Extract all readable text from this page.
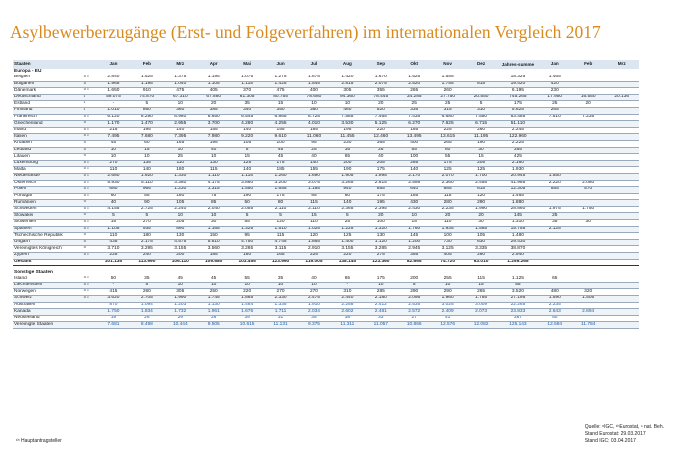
Asylbewerberzugänge (Erst- und Folgeverfahren) im internationalen Vergleich 2017
Staaten		Jan	Feb	Mrz	Apr	Mai	Jun	Jul	Aug	Sep	Okt	Nov	Dez	Jahres-summe	Jan	Feb	Mrz
Europa - EU																	
Belgien	¹ʰ ⁸	2.840	1.525	1.375	1.195	1.075	1.275	1.675	1.420	1.670	1.525	1.555		18.325	1.465		
Bulgarien	¹ʰ	1.965	1.195	1.040	1.105	1.115	1.425	1.545	2.815	2.075	2.520	1.755	815	19.420	420		
Dänemark	¹ʰ ⁸	1.650	910	475	405	370	475	400	305	355	265	260		6.195	230		
Deutschland	⁸	59.075	74.870	67.310	67.880	61.305	80.755	78.680	94.360	78.445	34.285	27.750	20.550	745.265	17.950	16.550	20.136
Estland	⁸	-	5	10	20	35	15	10	10	20	25	25	5	175	25	20	
Finnland	⁸	1.010	860	360	385	340	350	360	460	520	335	315	310	5.625	265		
Frankreich	¹ʰ ⁸	6.120	6.290	6.980	6.650	6.545	6.865	6.725	7.585	7.465	7.435	6.680	7.550	83.485	7.510	7.235	
Griechenland	¹ʰ	1.170	1.470	2.955	3.700	4.280	4.255	4.010	3.530	5.125	6.270	7.625	6.715	51.110			
Irland	¹ʰ ⁸	215	195	140	155	140	155	165	195	220	185	225	260	2.245			
Italien	¹ʰ ⁸	7.495	7.680	7.395	7.980	9.220	9.610	11.060	11.455	12.460	13.495	13.615	11.195	122.960			
Kroatien	¹ʰ	45	60	165	195	105	100	95	230	365	400	265	190	2.225			
Lettland	¹ʰ	10	15	10	40	5	45	25	35	25	55	60	30	355			
Litauen	¹ʰ	10	10	25	10	15	45	40	65	40	100	55	15	425			
Luxemburg	¹ʰ ⁸	270	135	110	130	125	175	140	200	205	285	175	205	2.160			
Malta	¹ʰ ⁸	110	140	180	115	140	185	155	190	175	140	125	125	1.930			
Niederlande	¹ʰ ⁸	2.680	1.920	1.330	1.110	1.115	1.260	1.690	1.905	1.995	2.170	2.070	1.700	20.945	1.550		
Österreich	¹ʰ ⁸	5.930	5.110	3.360	4.175	3.860	3.200	3.075	3.265	2.615	2.595	2.360	2.455	41.985	2.220	2.080	
Polen	¹ʰ ⁸	680	965	1.230	1.315	1.550	1.655	1.185	940	855	640	685	615	12.305	555	570	
Portugal	¹ʰ ⁸	60	55	180	75	190	175	95	60	175	165	115	120	1.465			
Rumänien	¹ʰ	40	90	105	85	50	80	115	140	195	430	280	290	1.880			
Schweden	¹ʰ ⁸	4.155	2.725	2.240	2.040	2.055	2.110	2.110	2.365	2.395	2.430	2.235	1.990	28.860	1.975	1.750	
Slowakei	¹ʰ	5	5	10	10	5	5	15	5	20	10	20	20	145	25		
Slowenien	¹ʰ ⁸	15	270	205	30	55	120	110	25	100	15	110	30	1.310	35	30	
Spanien	¹ʰ ⁸	1.105	935	890	1.165	1.325	1.510	1.025	1.225	1.320	1.760	1.935	1.565	15.755	2.125		
Tschechische Republik	¹ʰ	110	180	130	150	95	115	120	125	130	145	100	105	1.480			
Ungarn	¹ʰ	435	2.175	4.575	5.810	4.750	4.745	1.865	1.400	1.120	1.200	730	630	29.430			
Vereinigtes Königreich	¹ʰ	3.710	3.295	3.155	3.560	3.265	3.115	2.910	3.155	3.285	2.945	3.125	3.335	38.870			
Zypern	¹ʰ ⁸	225	240	200	185	180	165	225	220	275	355	405	260	2.940			
Gesamt		101.135	113.990	106.110	109.680	103.455	123.990	119.005	138.145	123.360	82.665	74.720	63.010	1.259.265			

Sonstige Staaten																	
Island	¹ʰ ⁸	50	35	45	45	55	35	40	65	175	200	255	115	1.125	65		
Liechtenstein	¹ʰ ⁸	-	5	10	10	10	10	10	-	10	5	10	15	85			
Norwegen	¹ʰ ⁸	415	260	305	250	220	270	270	310	285	290	290	265	3.520	480	320	
Schweiz	¹ʰ ⁸	3.620	2.705	1.990	1.745	1.885	2.330	2.475	2.440	2.180	2.095	1.960	1.765	27.195	1.590	1.505	
Australien		870	1.094	1.203	1.130	1.484	1.335	1.910	2.258	2.412	2.535	3.025	3.009	22.265	2.235		
Kanada		1.750	1.834	1.732	1.961	1.676	1.711	2.034	2.602	2.481	2.572	2.409	2.073	23.833	2.643	2.894	
Neuseeland		19	26	29	28	39	31	35	38	33	27	41		387	50		
Vereinigte Staaten		7.681	8.498	10.444	9.505	10.615	11.131	9.375	11.311	11.057	10.866	12.576	12.082	125.143	12.594	11.784	
¹ʰ Hauptantragsteller
Quelle: ⁸IGC, ¹ʰEurostat, ⁿ nat. Beh.
Stand Eurostat: 29.03.2017
Stand IGC: 03.04.2017
